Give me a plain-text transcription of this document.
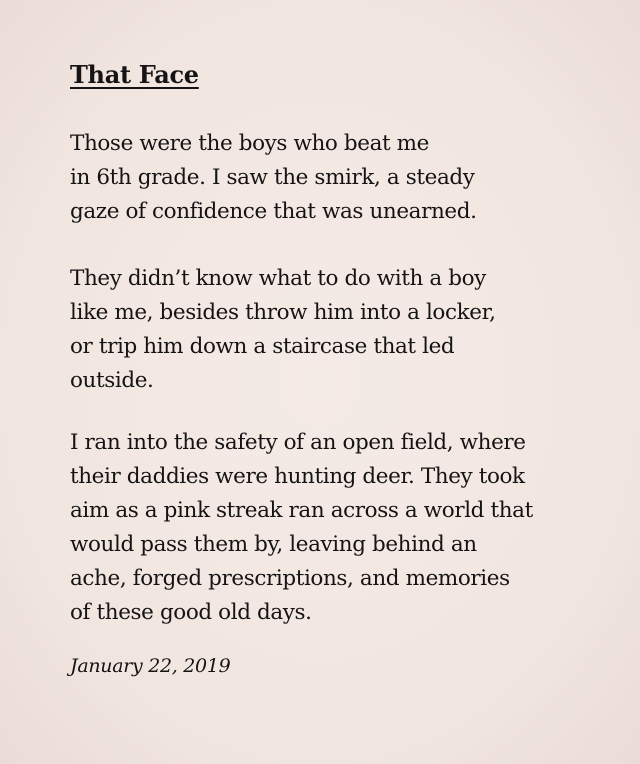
That Face

Those were the boys who beat me
in 6th grade. I saw the smirk, a steady
gaze of confidence that was unearned.

They didn’t know what to do with a boy
like me, besides throw him into a locker,
or trip him down a staircase that led
outside.

I ran into the safety of an open field, where
their daddies were hunting deer. They took
aim as a pink streak ran across a world that
would pass them by, leaving behind an
ache, forged prescriptions, and memories
of these good old days.

January 22, 2019
